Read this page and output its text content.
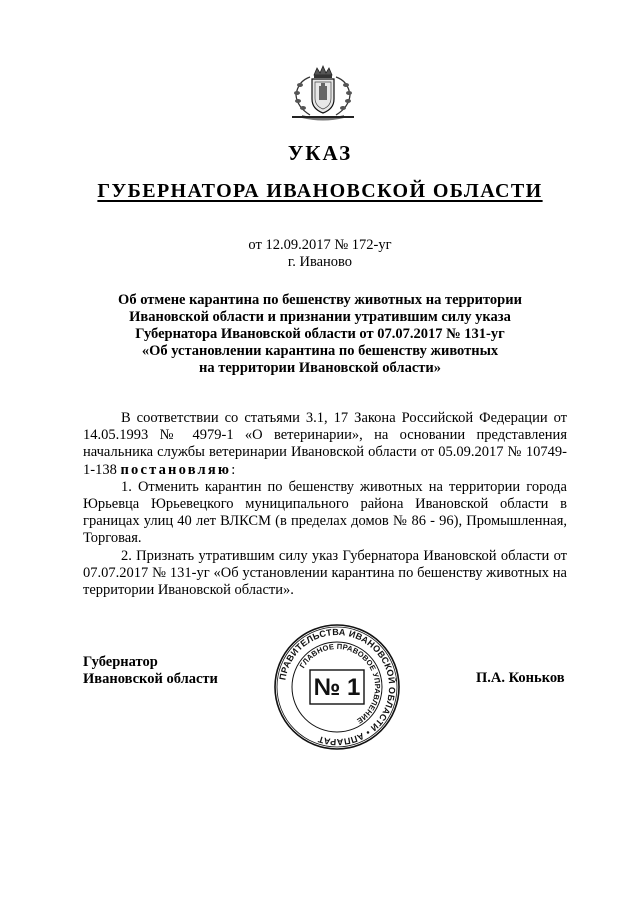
УКАЗ
ГУБЕРНАТОРА ИВАНОВСКОЙ ОБЛАСТИ
от 12.09.2017 № 172-уг
г. Иваново
Об отмене карантина по бешенству животных на территории
Ивановской области и признании утратившим силу указа
Губернатора Ивановской области от 07.07.2017 № 131-уг
«Об установлении карантина по бешенству животных
на территории Ивановской области»

В соответствии со статьями 3.1, 17 Закона Российской Федерации от 14.05.1993 № 4979-1 «О ветеринарии», на основании представления начальника службы ветеринарии Ивановской области от 05.09.2017 № 10749-1-138 постановляю:

1. Отменить карантин по бешенству животных на территории города Юрьевца Юрьевецкого муниципального района Ивановской области в границах улиц 40 лет ВЛКСМ (в пределах домов № 86 - 96), Промышленная, Торговая.

2. Признать утратившим силу указ Губернатора Ивановской области от 07.07.2017 № 131-уг «Об установлении карантина по бешенству животных на территории Ивановской области».

Губернатор
Ивановской области	ПРАВИТЕЛЬСТВА ИВАНОВСКОЙ ОБЛАСТИ • АППАРАТ
ГЛАВНОЕ ПРАВОВОЕ УПРАВЛЕНИЕ
№ 1	П.А. Коньков
